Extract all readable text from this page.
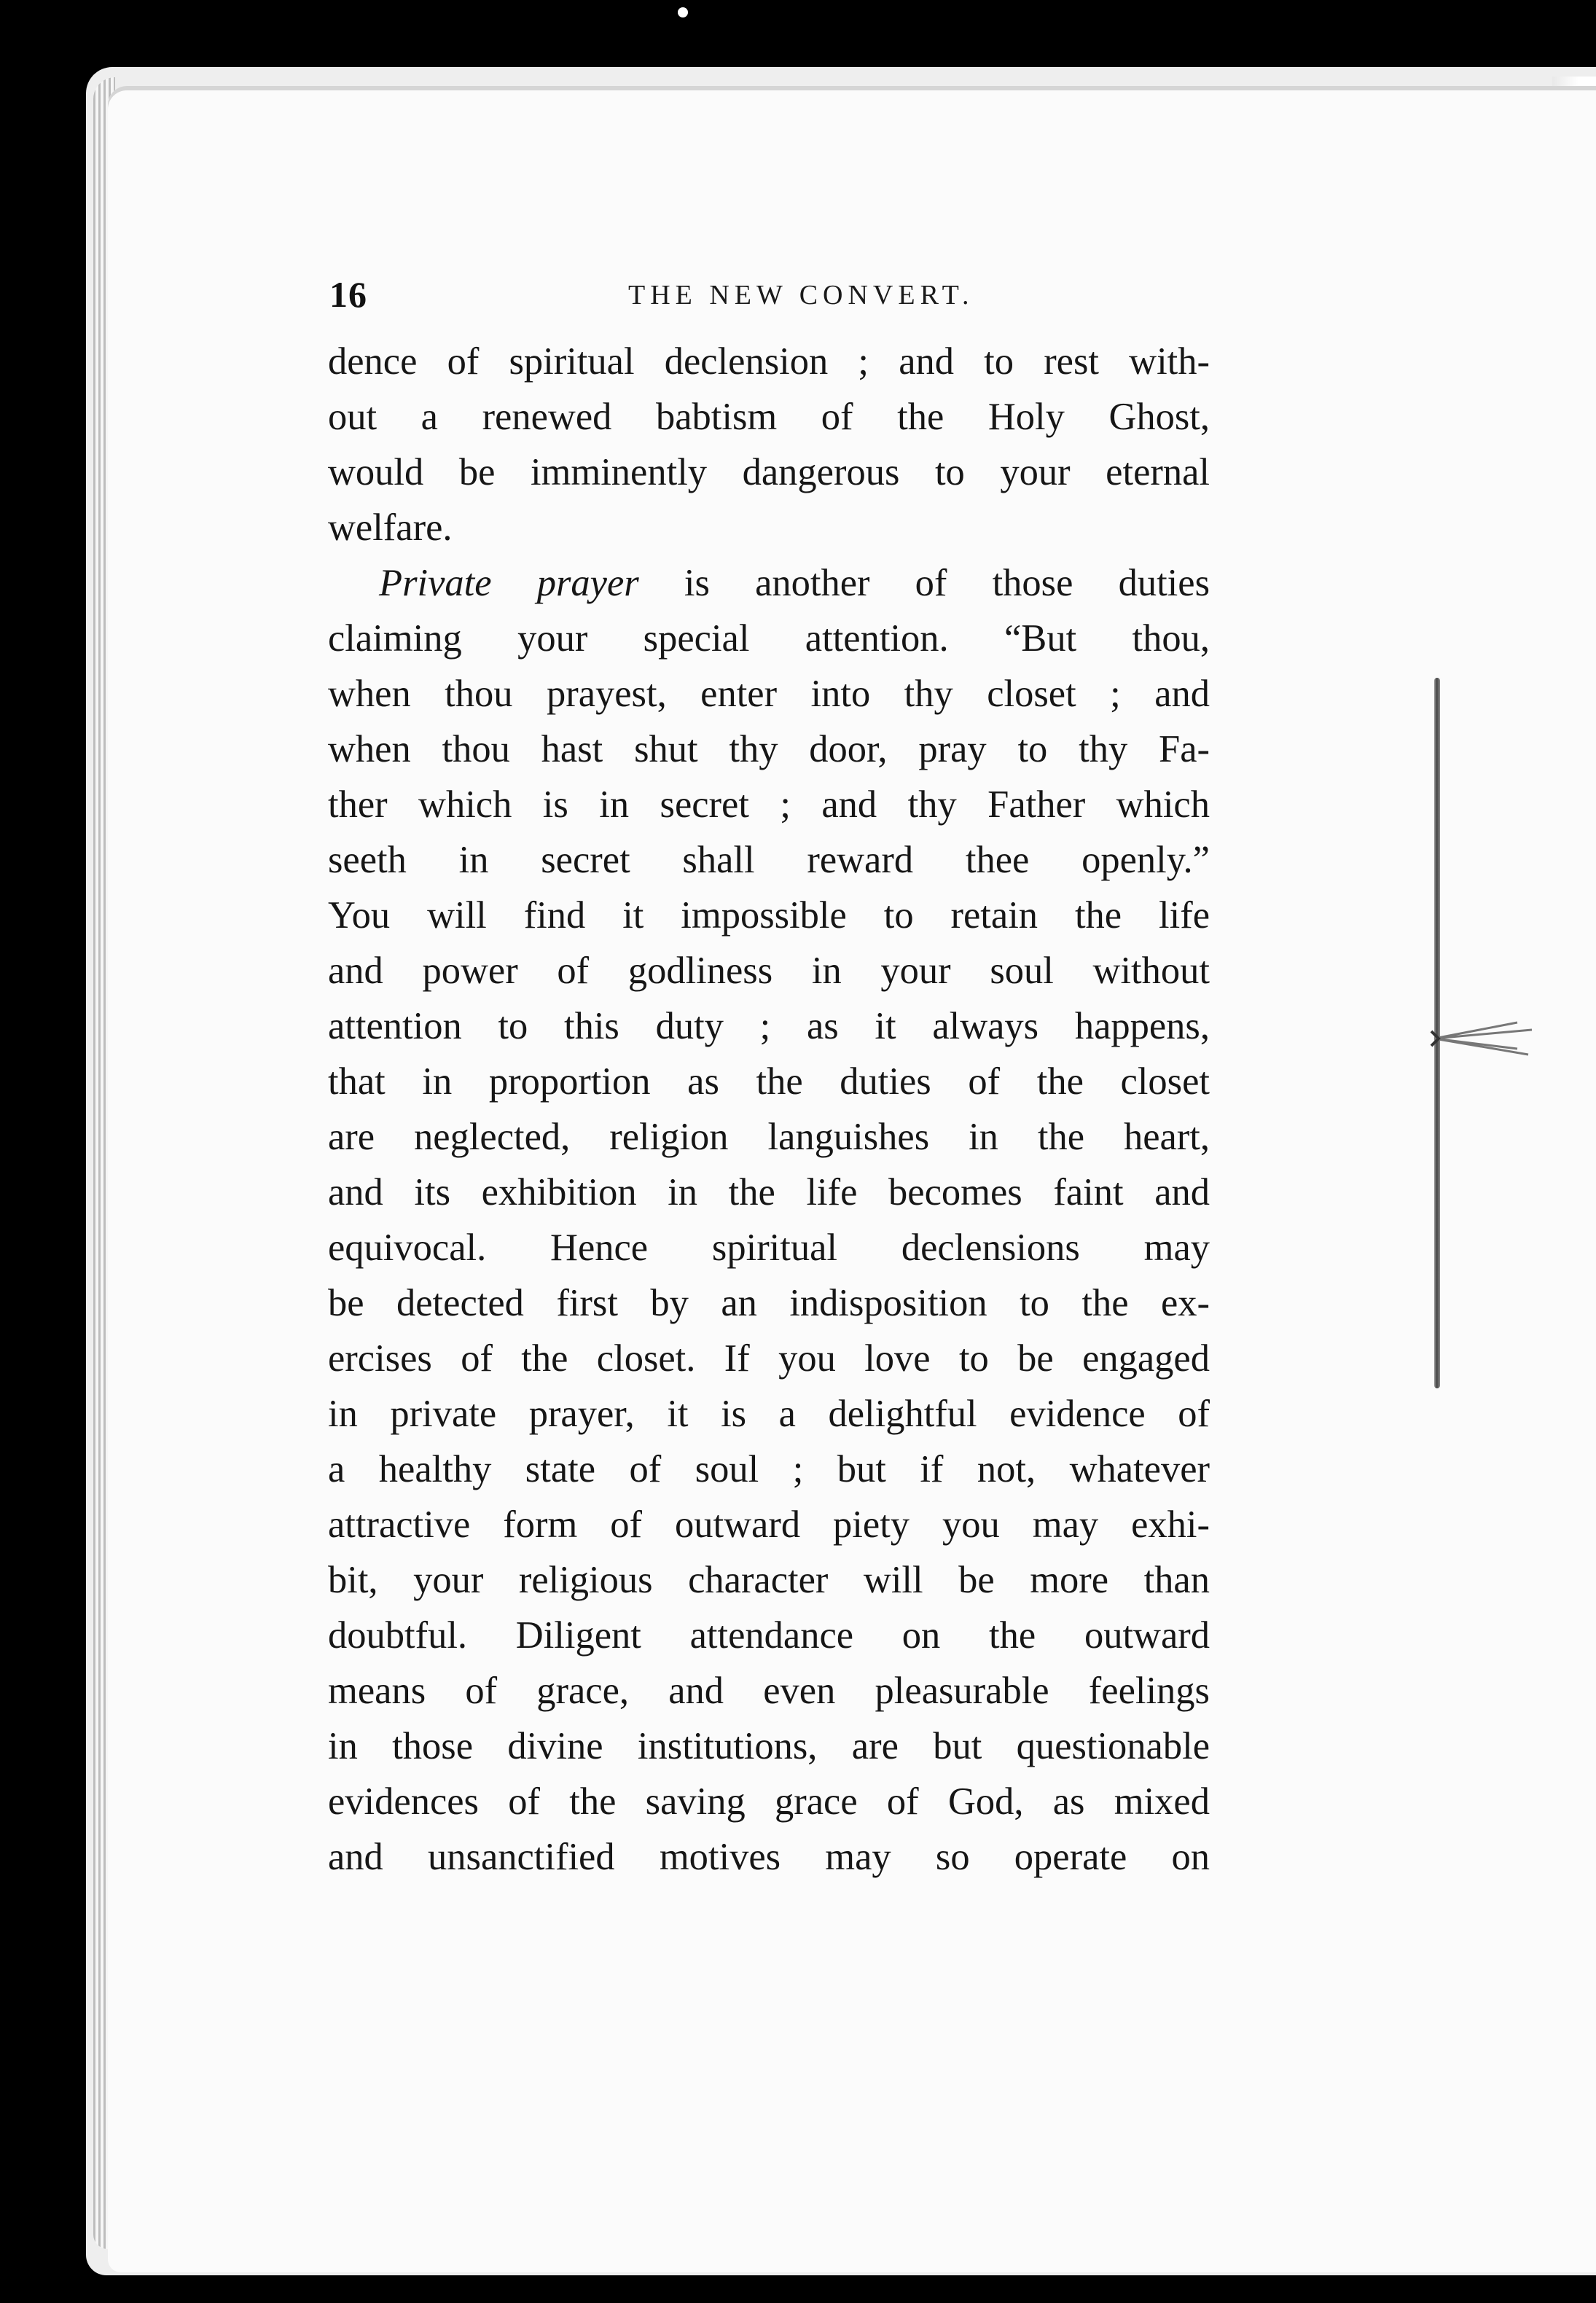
16	THE NEW CONVERT.
dence of spiritual declension ; and to rest with-
out a renewed babtism of the Holy Ghost,
would be imminently dangerous to your eternal
welfare.
Private prayer is another of those duties
claiming your special attention. “But thou,
when thou prayest, enter into thy closet ; and
when thou hast shut thy door, pray to thy Fa-
ther which is in secret ; and thy Father which
seeth in secret shall reward thee openly.”
You will find it impossible to retain the life
and power of godliness in your soul without
attention to this duty ; as it always happens,
that in proportion as the duties of the closet
are neglected, religion languishes in the heart,
and its exhibition in the life becomes faint and
equivocal. Hence spiritual declensions may
be detected first by an indisposition to the ex-
ercises of the closet. If you love to be engaged
in private prayer, it is a delightful evidence of
a healthy state of soul ; but if not, whatever
attractive form of outward piety you may exhi-
bit, your religious character will be more than
doubtful. Diligent attendance on the outward
means of grace, and even pleasurable feelings
in those divine institutions, are but questionable
evidences of the saving grace of God, as mixed
and unsanctified motives may so operate on
